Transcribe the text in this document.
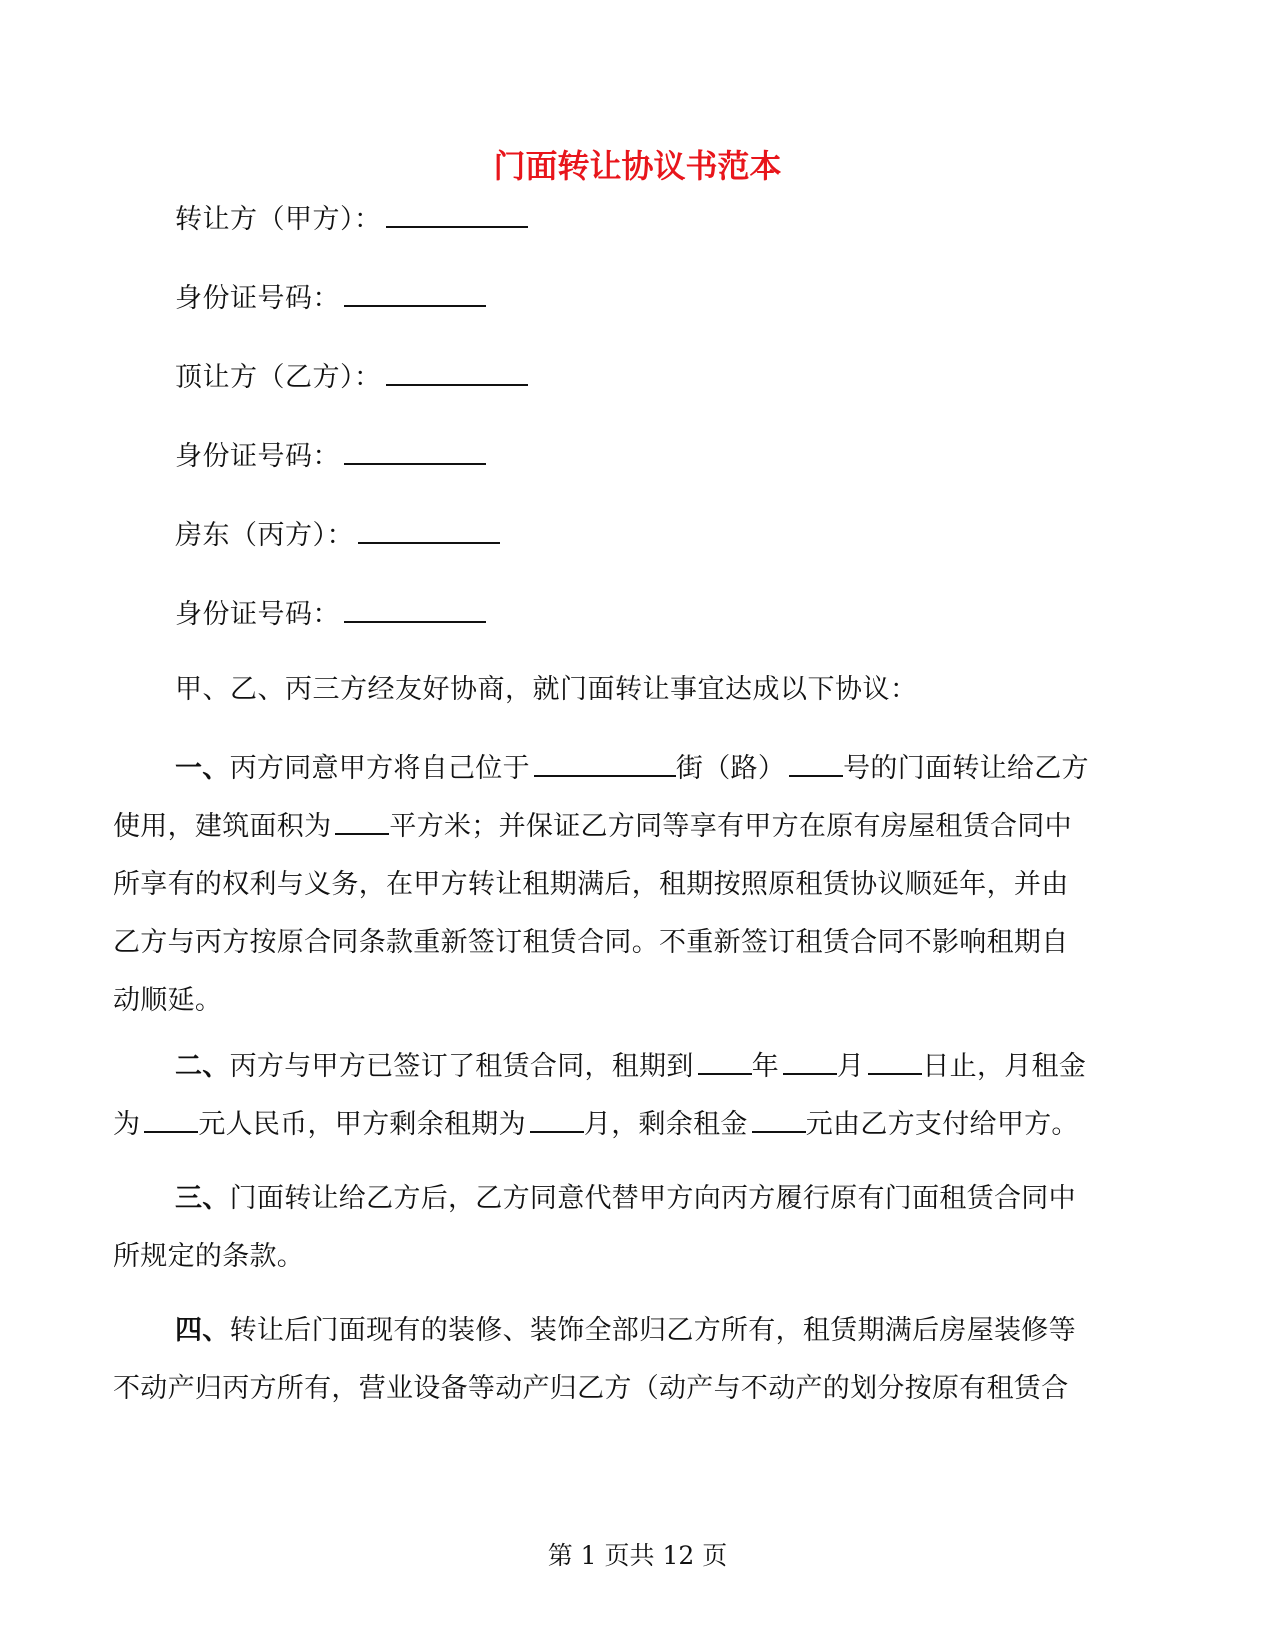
门面转让协议书范本
转让方（甲方）：
身份证号码：
顶让方（乙方）：
身份证号码：
房东（丙方）：
身份证号码：
甲、乙、丙三方经友好协商，就门面转让事宜达成以下协议：
一、丙方同意甲方将自己位于	街（路） 号的门面转让给乙方
使用，建筑面积为 平方米；并保证乙方同等享有甲方在原有房屋租赁合同中
所享有的权利与义务，在甲方转让租期满后，租期按照原租赁协议顺延年，并由
乙方与丙方按原合同条款重新签订租赁合同。不重新签订租赁合同不影响租期自
动顺延。
二、丙方与甲方已签订了租赁合同，租期到 年 月 日止，月租金
为 元人民币，甲方剩余租期为 月，剩余租金 元由乙方支付给甲方。
三、门面转让给乙方后，乙方同意代替甲方向丙方履行原有门面租赁合同中
所规定的条款。
四、转让后门面现有的装修、装饰全部归乙方所有，租赁期满后房屋装修等
不动产归丙方所有，营业设备等动产归乙方（动产与不动产的划分按原有租赁合
第 1 页共 12 页
